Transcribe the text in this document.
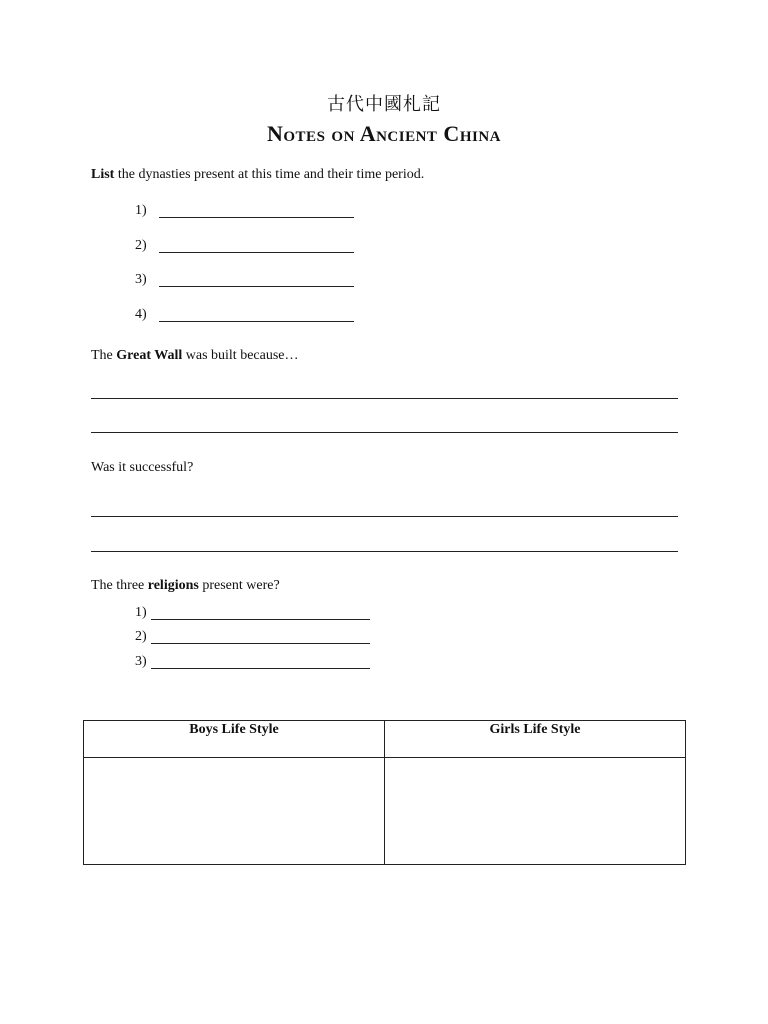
古代中國札記
Notes on Ancient China
List the dynasties present at this time and their time period.
1)
2)
3)
4)
The Great Wall was built because…
Was it successful?
The three religions present were?
1)
2)
3)
Boys Life Style	Girls Life Style
